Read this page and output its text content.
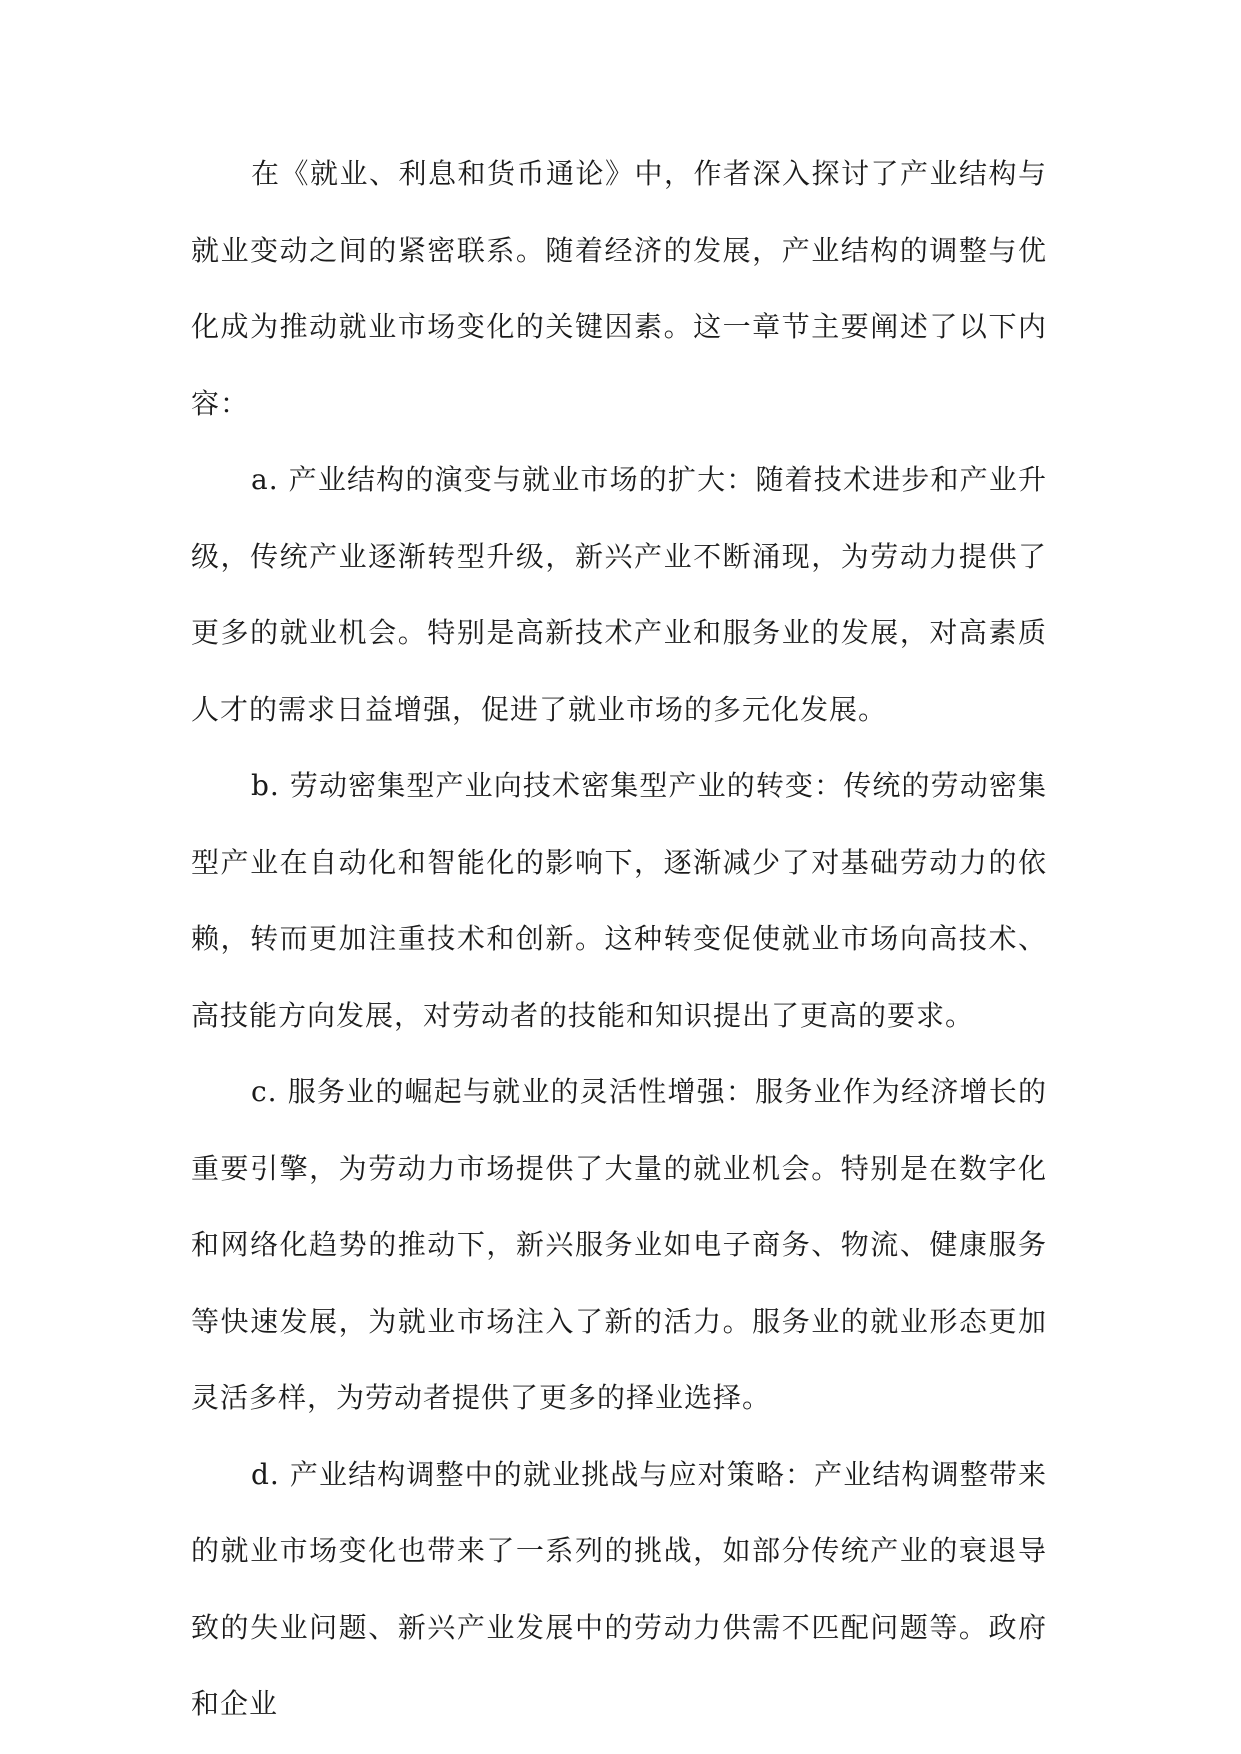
在《就业、利息和货币通论》中，作者深入探讨了产业结构与就业变动之间的紧密联系。随着经济的发展，产业结构的调整与优化成为推动就业市场变化的关键因素。这一章节主要阐述了以下内容：

a. 产业结构的演变与就业市场的扩大：随着技术进步和产业升级，传统产业逐渐转型升级，新兴产业不断涌现，为劳动力提供了更多的就业机会。特别是高新技术产业和服务业的发展，对高素质人才的需求日益增强，促进了就业市场的多元化发展。

b. 劳动密集型产业向技术密集型产业的转变：传统的劳动密集型产业在自动化和智能化的影响下，逐渐减少了对基础劳动力的依赖，转而更加注重技术和创新。这种转变促使就业市场向高技术、高技能方向发展，对劳动者的技能和知识提出了更高的要求。

c. 服务业的崛起与就业的灵活性增强：服务业作为经济增长的重要引擎，为劳动力市场提供了大量的就业机会。特别是在数字化和网络化趋势的推动下，新兴服务业如电子商务、物流、健康服务等快速发展，为就业市场注入了新的活力。服务业的就业形态更加灵活多样，为劳动者提供了更多的择业选择。

d. 产业结构调整中的就业挑战与应对策略：产业结构调整带来的就业市场变化也带来了一系列的挑战，如部分传统产业的衰退导致的失业问题、新兴产业发展中的劳动力供需不匹配问题等。政府和企业
